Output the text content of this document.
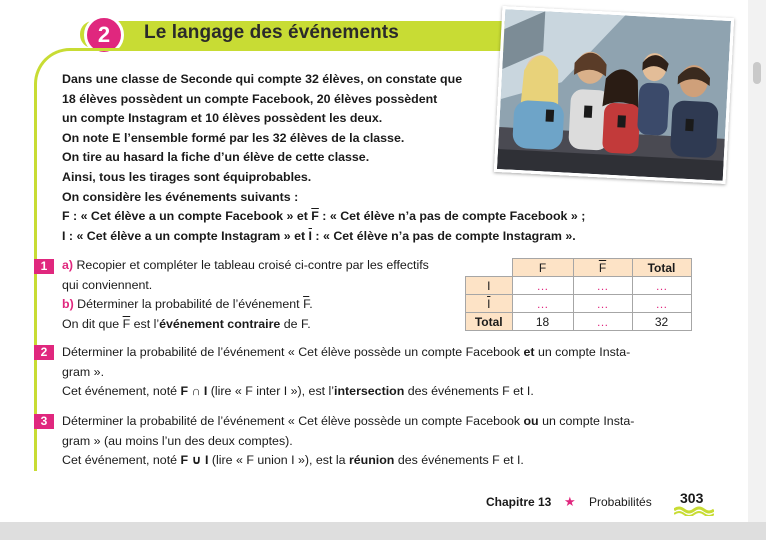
2	Le langage des événements

Dans une classe de Seconde qui compte 32 élèves, on constate que

18 élèves possèdent un compte Facebook, 20 élèves possèdent

un compte Instagram et 10 élèves possèdent les deux.

On note E l’ensemble formé par les 32 élèves de la classe.

On tire au hasard la fiche d’un élève de cette classe.

Ainsi, tous les tirages sont équiprobables.

On considère les événements suivants :

F : « Cet élève a un compte Facebook » et $\overline{F}$ : « Cet élève n’a pas de compte Facebook » ;

I : « Cet élève a un compte Instagram » et $\overline{I}$ : « Cet élève n’a pas de compte Instagram ».

1	a) Recopier et compléter le tableau croisé ci-contre par les effectifs

qui conviennent.

b) Déterminer la probabilité de l’événement $\overline{F}$.

On dit que $\overline{F}$ est l’événement contraire de F.

	F	$\overline{F}$	Total
I	…	…	…
$\overline{I}$	…	…	…
Total	18	…	32
2	Déterminer la probabilité de l’événement « Cet élève possède un compte Facebook et un compte Insta-

gram ».

Cet événement, noté F ∩ I (lire « F inter I »), est l’intersection des événements F et I.

3	Déterminer la probabilité de l’événement « Cet élève possède un compte Facebook ou un compte Insta-

gram » (au moins l’un des deux comptes).

Cet événement, noté F ∪ I (lire « F union I »), est la réunion des événements F et I.

Chapitre 13 ★ Probabilités 303
